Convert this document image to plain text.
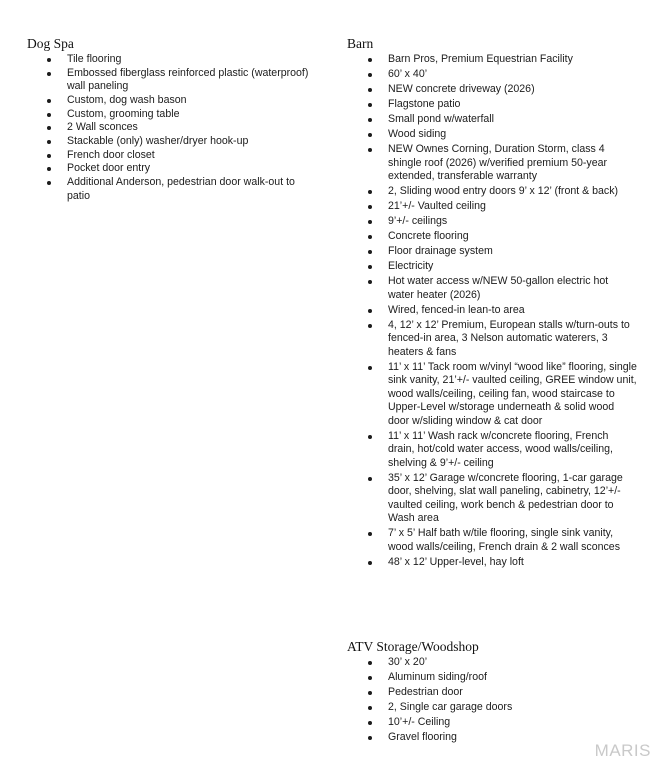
Dog Spa
Tile flooring
Embossed fiberglass reinforced plastic (waterproof) wall paneling
Custom, dog wash bason
Custom, grooming table
2 Wall sconces
Stackable (only) washer/dryer hook-up
French door closet
Pocket door entry
Additional Anderson, pedestrian door walk-out to patio
Barn
Barn Pros, Premium Equestrian Facility
60’ x 40’
NEW concrete driveway (2026)
Flagstone patio
Small pond w/waterfall
Wood siding
NEW Ownes Corning, Duration Storm, class 4 shingle roof (2026) w/verified premium 50-year extended, transferable warranty
2, Sliding wood entry doors 9’ x 12’ (front & back)
21’+/- Vaulted ceiling
9’+/- ceilings
Concrete flooring
Floor drainage system
Electricity
Hot water access w/NEW 50-gallon electric hot water heater (2026)
Wired, fenced-in lean-to area
4, 12’ x 12’ Premium, European stalls w/turn-outs to fenced-in area, 3 Nelson automatic waterers, 3 heaters & fans
11’ x 11’ Tack room w/vinyl “wood like” flooring, single sink vanity, 21’+/- vaulted ceiling, GREE window unit, wood walls/ceiling, ceiling fan, wood staircase to Upper-Level w/storage underneath & solid wood door w/sliding window & cat door
11’ x 11’ Wash rack w/concrete flooring, French drain, hot/cold water access, wood walls/ceiling, shelving & 9’+/- ceiling
35’ x 12’ Garage w/concrete flooring, 1-car garage door, shelving, slat wall paneling, cabinetry, 12’+/- vaulted ceiling, work bench & pedestrian door to Wash area
7’ x 5’ Half bath w/tile flooring, single sink vanity, wood walls/ceiling, French drain & 2 wall sconces
48’ x 12’ Upper-level, hay loft
ATV Storage/Woodshop
30’ x 20’
Aluminum siding/roof
Pedestrian door
2, Single car garage doors
10’+/- Ceiling
Gravel flooring
MARIS
